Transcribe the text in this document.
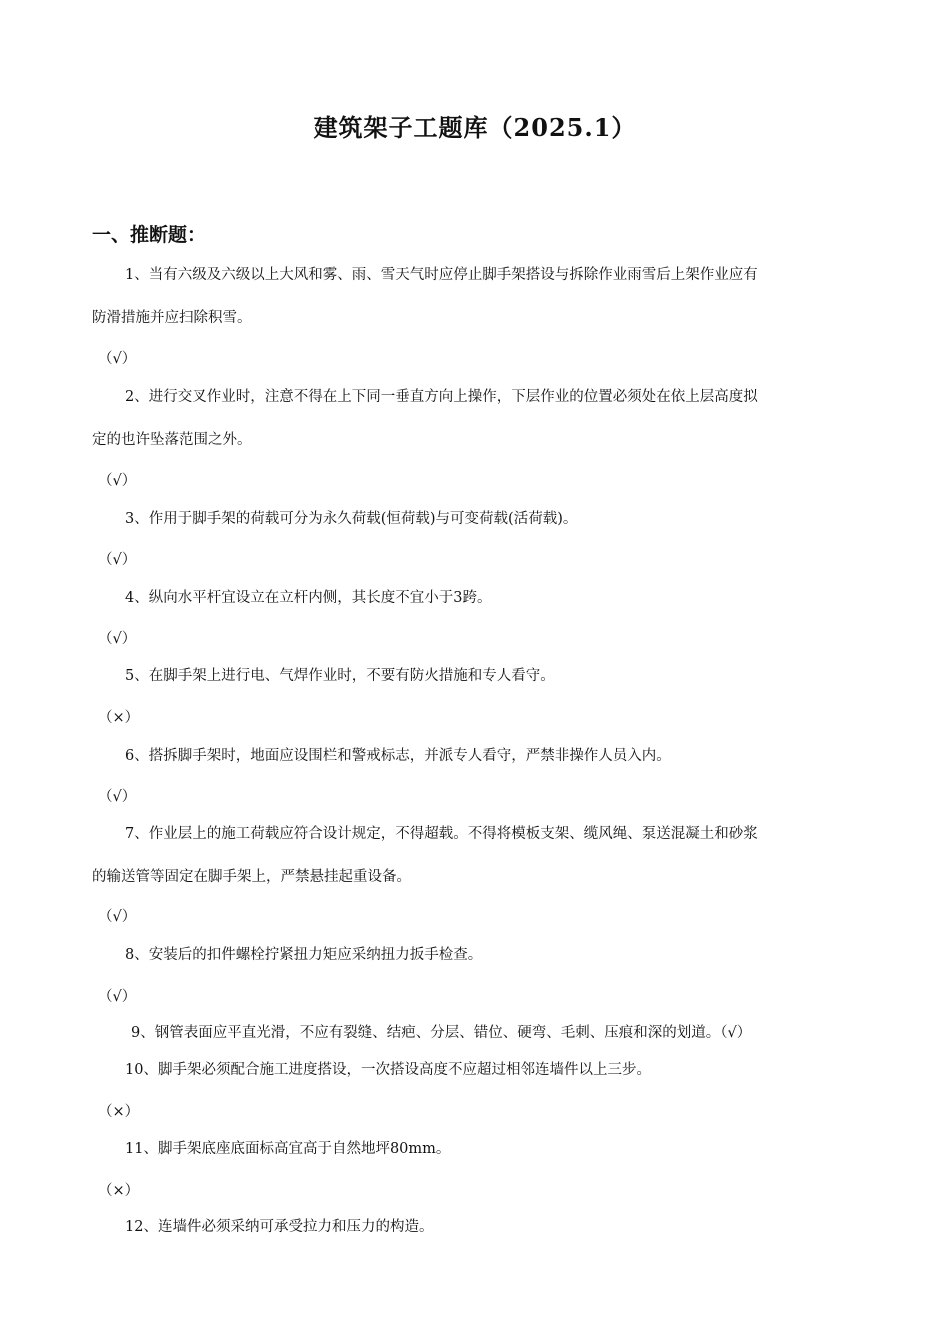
建筑架子工题库（2025.1）
一、推断题：
1、当有六级及六级以上大风和雾、雨、雪天气时应停止脚手架搭设与拆除作业雨雪后上架作业应有
防滑措施并应扫除积雪。
（√）
2、进行交叉作业时，注意不得在上下同一垂直方向上操作，下层作业的位置必须处在依上层高度拟
定的也许坠落范围之外。
（√）
3、作用于脚手架的荷载可分为永久荷载(恒荷载)与可变荷载(活荷载)。
（√）
4、纵向水平杆宜设立在立杆内侧，其长度不宜小于3跨。
（√）
5、在脚手架上进行电、气焊作业时，不要有防火措施和专人看守。
（×）
6、搭拆脚手架时，地面应设围栏和警戒标志，并派专人看守，严禁非操作人员入内。
（√）
7、作业层上的施工荷载应符合设计规定，不得超载。不得将模板支架、缆风绳、泵送混凝土和砂浆
的输送管等固定在脚手架上，严禁悬挂起重设备。
（√）
8、安装后的扣件螺栓拧紧扭力矩应采纳扭力扳手检查。
（√）
9、钢管表面应平直光滑，不应有裂缝、结疤、分层、错位、硬弯、毛刺、压痕和深的划道。（√）
10、脚手架必须配合施工进度搭设，一次搭设高度不应超过相邻连墙件以上三步。
（×）
11、脚手架底座底面标高宜高于自然地坪80mm。
（×）
12、连墙件必须采纳可承受拉力和压力的构造。
